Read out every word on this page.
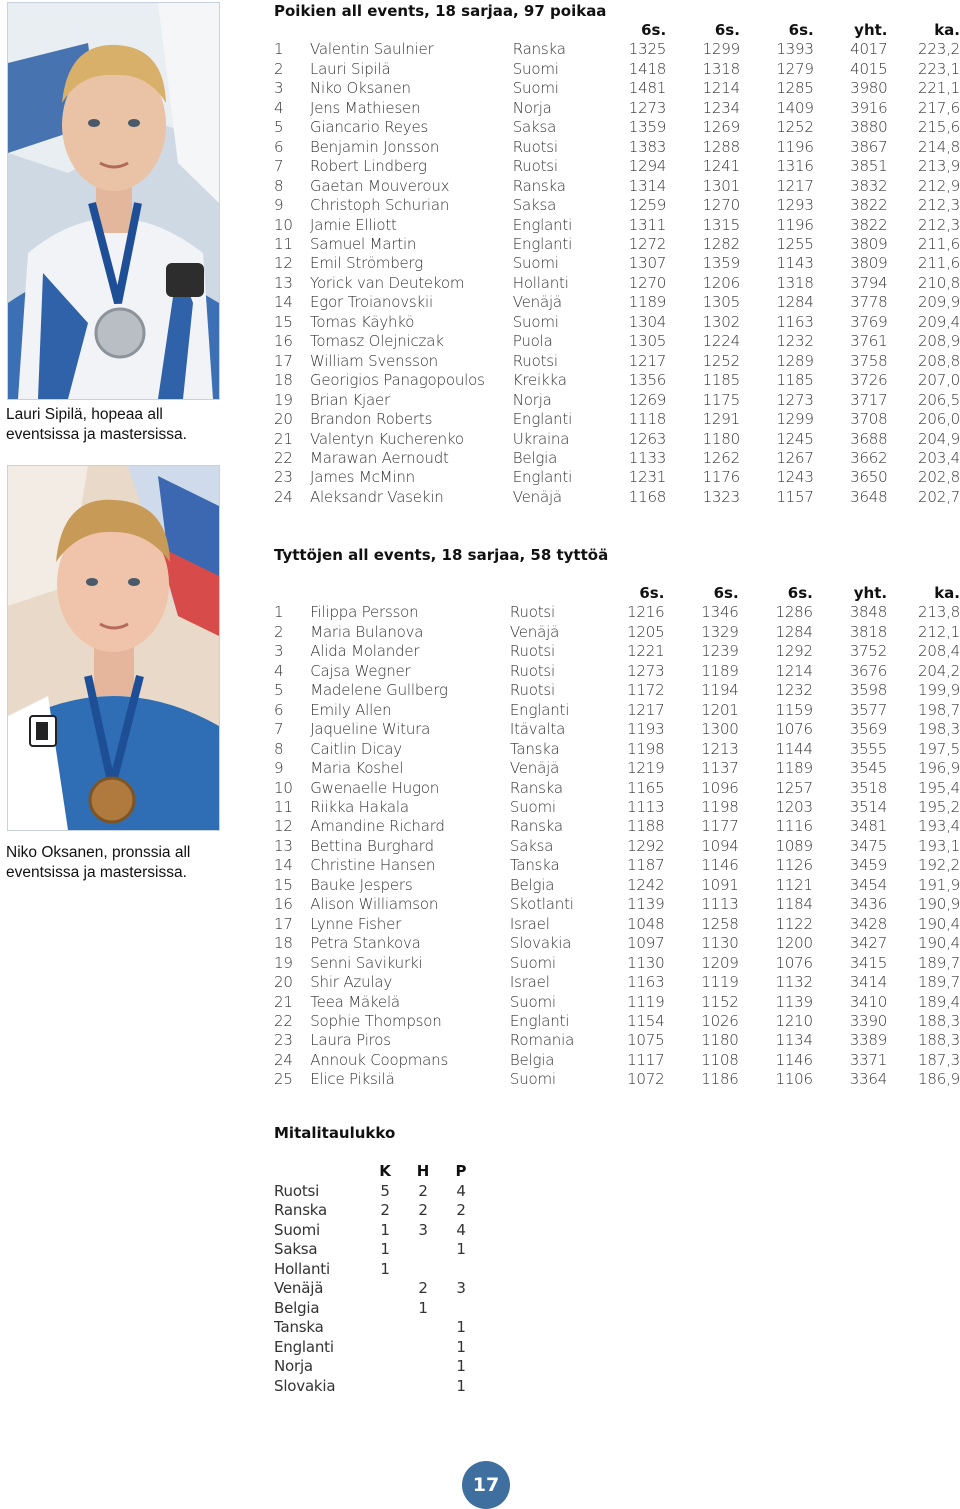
Lauri Sipilä, hopeaa all eventsissa ja mastersissa.
Niko Oksanen, pronssia all eventsissa ja mastersissa.
Poikien all events, 18 sarjaa, 97 poikaa
			6s.	6s.	6s.	yht.	ka.
1	Valentin Saulnier	Ranska	1325	1299	1393	4017	223,2
2	Lauri Sipilä	Suomi	1418	1318	1279	4015	223,1
3	Niko Oksanen	Suomi	1481	1214	1285	3980	221,1
4	Jens Mathiesen	Norja	1273	1234	1409	3916	217,6
5	Giancario Reyes	Saksa	1359	1269	1252	3880	215,6
6	Benjamin Jonsson	Ruotsi	1383	1288	1196	3867	214,8
7	Robert Lindberg	Ruotsi	1294	1241	1316	3851	213,9
8	Gaetan Mouveroux	Ranska	1314	1301	1217	3832	212,9
9	Christoph Schurian	Saksa	1259	1270	1293	3822	212,3
10	Jamie Elliott	Englanti	1311	1315	1196	3822	212,3
11	Samuel Martin	Englanti	1272	1282	1255	3809	211,6
12	Emil Strömberg	Suomi	1307	1359	1143	3809	211,6
13	Yorick van Deutekom	Hollanti	1270	1206	1318	3794	210,8
14	Egor Troianovskii	Venäjä	1189	1305	1284	3778	209,9
15	Tomas Käyhkö	Suomi	1304	1302	1163	3769	209,4
16	Tomasz Olejniczak	Puola	1305	1224	1232	3761	208,9
17	William Svensson	Ruotsi	1217	1252	1289	3758	208,8
18	Georigios Panagopoulos	Kreikka	1356	1185	1185	3726	207,0
19	Brian Kjaer	Norja	1269	1175	1273	3717	206,5
20	Brandon Roberts	Englanti	1118	1291	1299	3708	206,0
21	Valentyn Kucherenko	Ukraina	1263	1180	1245	3688	204,9
22	Marawan Aernoudt	Belgia	1133	1262	1267	3662	203,4
23	James McMinn	Englanti	1231	1176	1243	3650	202,8
24	Aleksandr Vasekin	Venäjä	1168	1323	1157	3648	202,7
Tyttöjen all events, 18 sarjaa, 58 tyttöä
			6s.	6s.	6s.	yht.	ka.
1	Filippa Persson	Ruotsi	1216	1346	1286	3848	213,8
2	Maria Bulanova	Venäjä	1205	1329	1284	3818	212,1
3	Alida Molander	Ruotsi	1221	1239	1292	3752	208,4
4	Cajsa Wegner	Ruotsi	1273	1189	1214	3676	204,2
5	Madelene Gullberg	Ruotsi	1172	1194	1232	3598	199,9
6	Emily Allen	Englanti	1217	1201	1159	3577	198,7
7	Jaqueline Witura	Itävalta	1193	1300	1076	3569	198,3
8	Caitlin Dicay	Tanska	1198	1213	1144	3555	197,5
9	Maria Koshel	Venäjä	1219	1137	1189	3545	196,9
10	Gwenaelle Hugon	Ranska	1165	1096	1257	3518	195,4
11	Riikka Hakala	Suomi	1113	1198	1203	3514	195,2
12	Amandine Richard	Ranska	1188	1177	1116	3481	193,4
13	Bettina Burghard	Saksa	1292	1094	1089	3475	193,1
14	Christine Hansen	Tanska	1187	1146	1126	3459	192,2
15	Bauke Jespers	Belgia	1242	1091	1121	3454	191,9
16	Alison Williamson	Skotlanti	1139	1113	1184	3436	190,9
17	Lynne Fisher	Israel	1048	1258	1122	3428	190,4
18	Petra Stankova	Slovakia	1097	1130	1200	3427	190,4
19	Senni Savikurki	Suomi	1130	1209	1076	3415	189,7
20	Shir Azulay	Israel	1163	1119	1132	3414	189,7
21	Teea Mäkelä	Suomi	1119	1152	1139	3410	189,4
22	Sophie Thompson	Englanti	1154	1026	1210	3390	188,3
23	Laura Piros	Romania	1075	1180	1134	3389	188,3
24	Annouk Coopmans	Belgia	1117	1108	1146	3371	187,3
25	Elice Piksilä	Suomi	1072	1186	1106	3364	186,9
Mitalitaulukko
	K	H	P
Ruotsi	5	2	4
Ranska	2	2	2
Suomi	1	3	4
Saksa	1		1
Hollanti	1		
Venäjä		2	3
Belgia		1	
Tanska			1
Englanti			1
Norja			1
Slovakia			1
17
